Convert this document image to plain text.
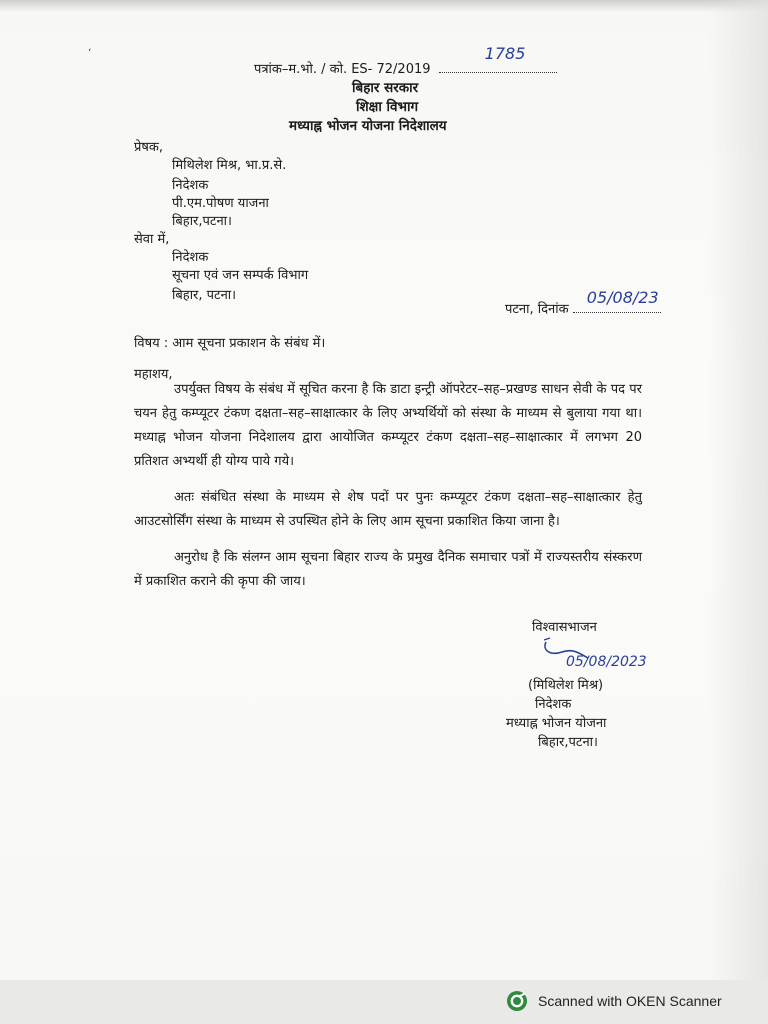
ʻ
पत्रांक–म.भो. / को. ES- 72/2019
1785
बिहार सरकार
शिक्षा विभाग
मध्याह्न भोजन योजना निदेशालय
प्रेषक,
मिथिलेश मिश्र, भा.प्र.से.
निदेशक
पी.एम.पोषण याजना
बिहार,पटना।
सेवा में,
निदेशक
सूचना एवं जन सम्पर्क विभाग
बिहार, पटना।
पटना, दिनांक
05/08/23
विषय : आम सूचना प्रकाशन के संबंध में।
महाशय,
उपर्युक्त विषय के संबंध में सूचित करना है कि डाटा इन्ट्री ऑपरेटर–सह–प्रखण्ड साधन सेवी के पद पर चयन हेतु कम्प्यूटर टंकण दक्षता–सह–साक्षात्कार के लिए अभ्यर्थियों को संस्था के माध्यम से बुलाया गया था। मध्याह्न भोजन योजना निदेशालय द्वारा आयोजित कम्प्यूटर टंकण दक्षता–सह–साक्षात्कार में लगभग 20 प्रतिशत अभ्यर्थी ही योग्य पाये गये।
अतः संबंधित संस्था के माध्यम से शेष पदों पर पुनः कम्प्यूटर टंकण दक्षता–सह–साक्षात्कार हेतु आउटसोर्सिंग संस्था के माध्यम से उपस्थित होने के लिए आम सूचना प्रकाशित किया जाना है।
अनुरोध है कि संलग्न आम सूचना बिहार राज्य के प्रमुख दैनिक समाचार पत्रों में राज्यस्तरीय संस्करण में प्रकाशित कराने की कृपा की जाय।
विश्वासभाजन
05/08/2023
(मिथिलेश मिश्र)
निदेशक
मध्याह्न भोजन योजना
बिहार,पटना।
Scanned with OKEN Scanner
